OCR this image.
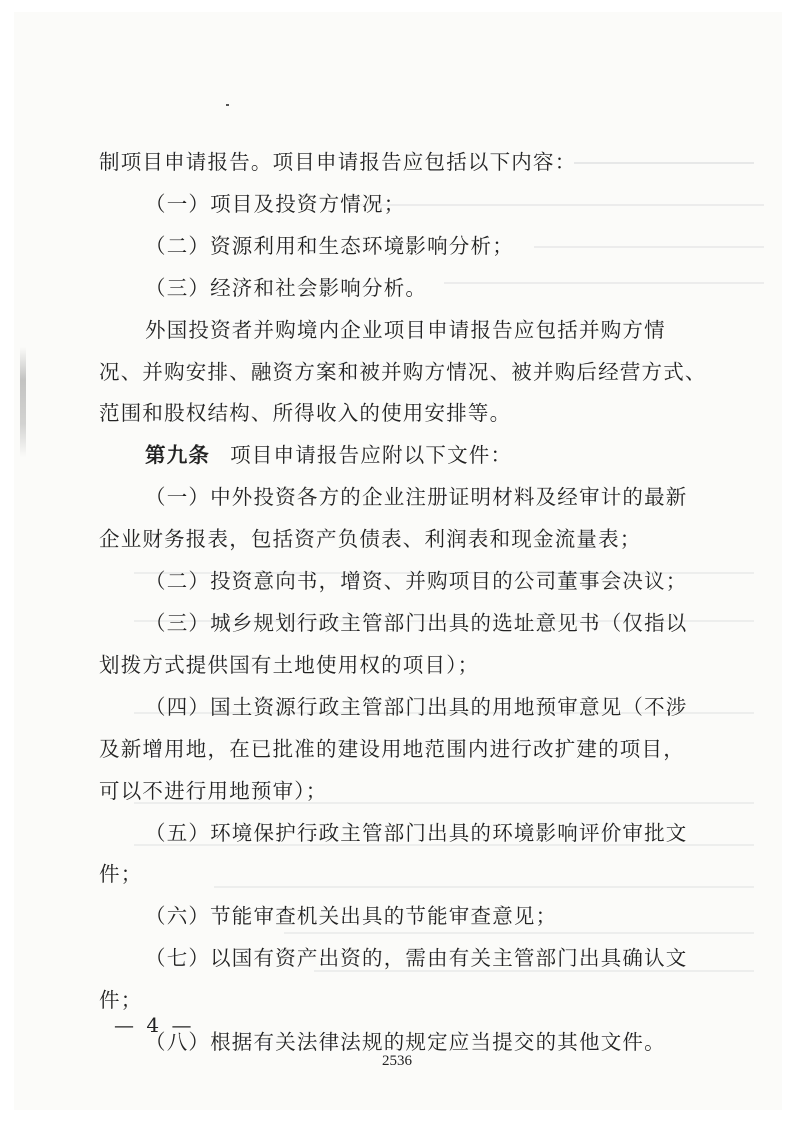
制项目申请报告。项目申请报告应包括以下内容：

（一）项目及投资方情况；

（二）资源利用和生态环境影响分析；

（三）经济和社会影响分析。

外国投资者并购境内企业项目申请报告应包括并购方情

况、并购安排、融资方案和被并购方情况、被并购后经营方式、

范围和股权结构、所得收入的使用安排等。

第九条 项目申请报告应附以下文件：

（一）中外投资各方的企业注册证明材料及经审计的最新

企业财务报表，包括资产负债表、利润表和现金流量表；

（二）投资意向书，增资、并购项目的公司董事会决议；

（三）城乡规划行政主管部门出具的选址意见书（仅指以

划拨方式提供国有土地使用权的项目）；

（四）国土资源行政主管部门出具的用地预审意见（不涉

及新增用地，在已批准的建设用地范围内进行改扩建的项目，

可以不进行用地预审）；

（五）环境保护行政主管部门出具的环境影响评价审批文

件；

（六）节能审查机关出具的节能审查意见；

（七）以国有资产出资的，需由有关主管部门出具确认文

件；

（八）根据有关法律法规的规定应当提交的其他文件。

— 4 —
2536
